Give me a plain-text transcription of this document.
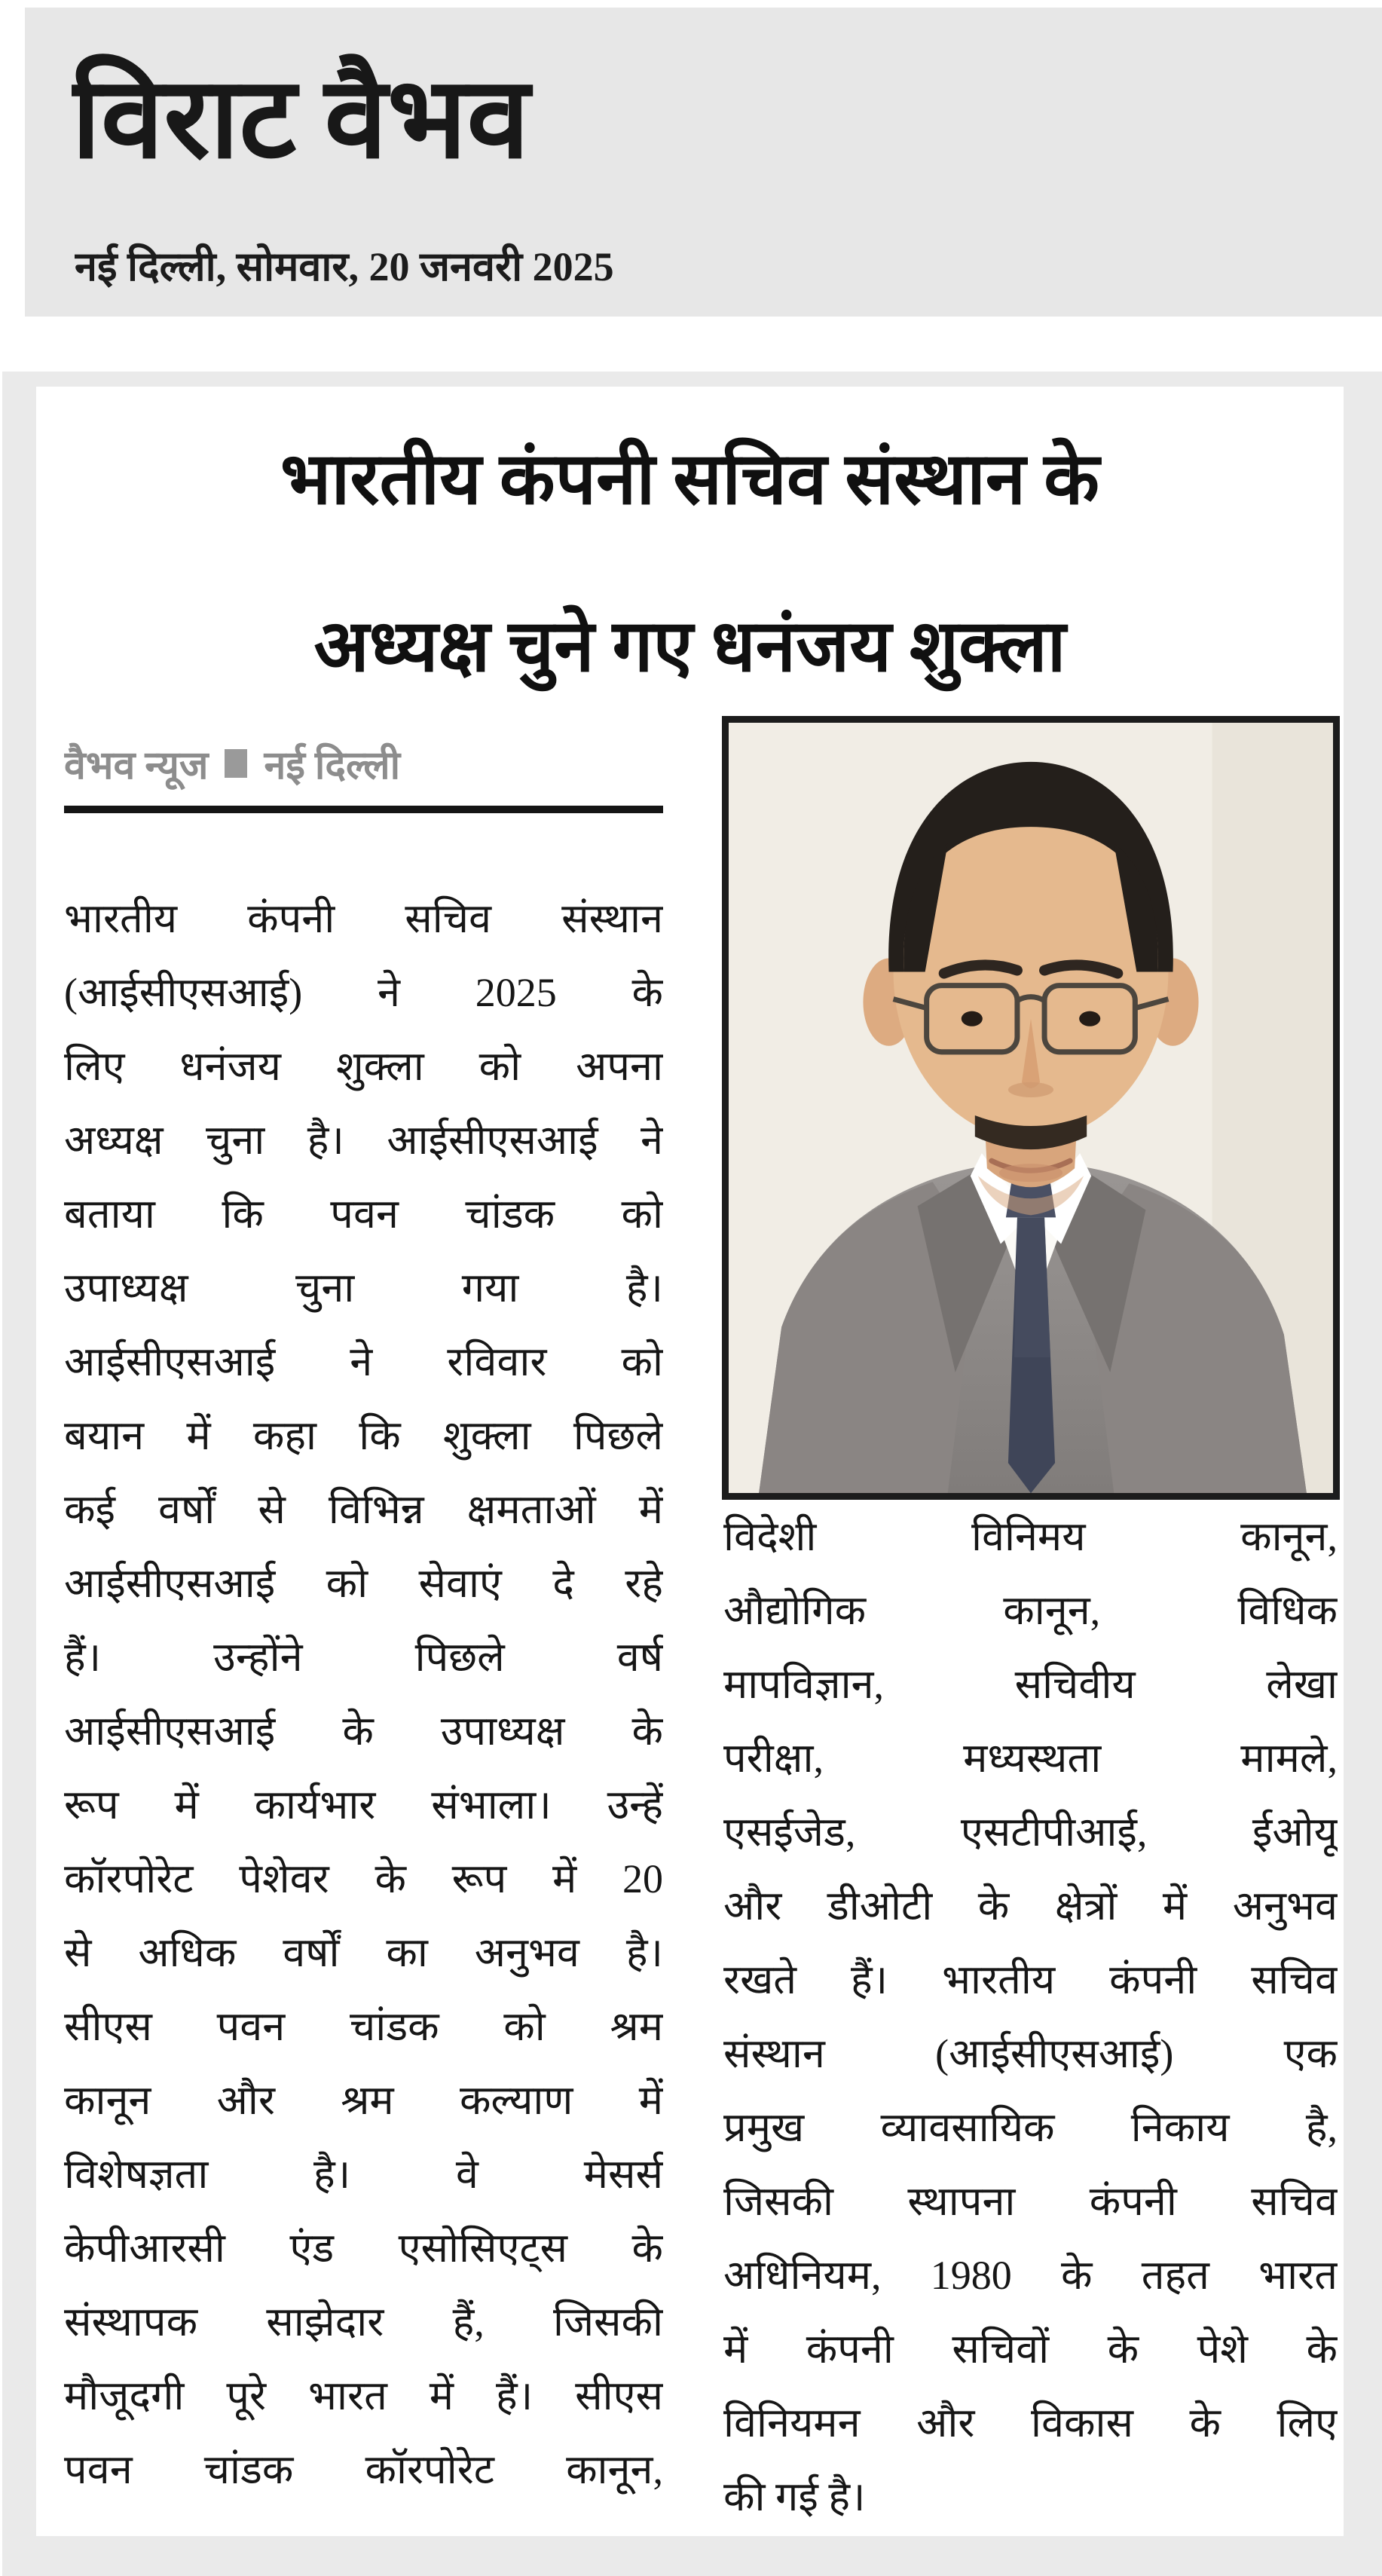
विराट वैभव
नई दिल्ली, सोमवार, 20 जनवरी 2025
भारतीय कंपनी सचिव संस्थान के
अध्यक्ष चुने गए धनंजय शुक्ला
वैभव न्यूज नई दिल्ली
भारतीय कंपनी सचिव संस्थान
(आईसीएसआई) ने 2025 के
लिए धनंजय शुक्ला को अपना
अध्यक्ष चुना है। आईसीएसआई ने
बताया कि पवन चांडक को
उपाध्यक्ष चुना गया है।
आईसीएसआई ने रविवार को
बयान में कहा कि शुक्ला पिछले
कई वर्षों से विभिन्न क्षमताओं में
आईसीएसआई को सेवाएं दे रहे
हैं। उन्होंने पिछले वर्ष
आईसीएसआई के उपाध्यक्ष के
रूप में कार्यभार संभाला। उन्हें
कॉरपोरेट पेशेवर के रूप में 20
से अधिक वर्षों का अनुभव है।
सीएस पवन चांडक को श्रम
कानून और श्रम कल्याण में
विशेषज्ञता है। वे मेसर्स
केपीआरसी एंड एसोसिएट्स के
संस्थापक साझेदार हैं, जिसकी
मौजूदगी पूरे भारत में हैं। सीएस
पवन चांडक कॉरपोरेट कानून,
विदेशी विनिमय कानून,
औद्योगिक कानून, विधिक
मापविज्ञान, सचिवीय लेखा
परीक्षा, मध्यस्थता मामले,
एसईजेड, एसटीपीआई, ईओयू
और डीओटी के क्षेत्रों में अनुभव
रखते हैं। भारतीय कंपनी सचिव
संस्थान (आईसीएसआई) एक
प्रमुख व्यावसायिक निकाय है,
जिसकी स्थापना कंपनी सचिव
अधिनियम, 1980 के तहत भारत
में कंपनी सचिवों के पेशे के
विनियमन और विकास के लिए
की गई है।
